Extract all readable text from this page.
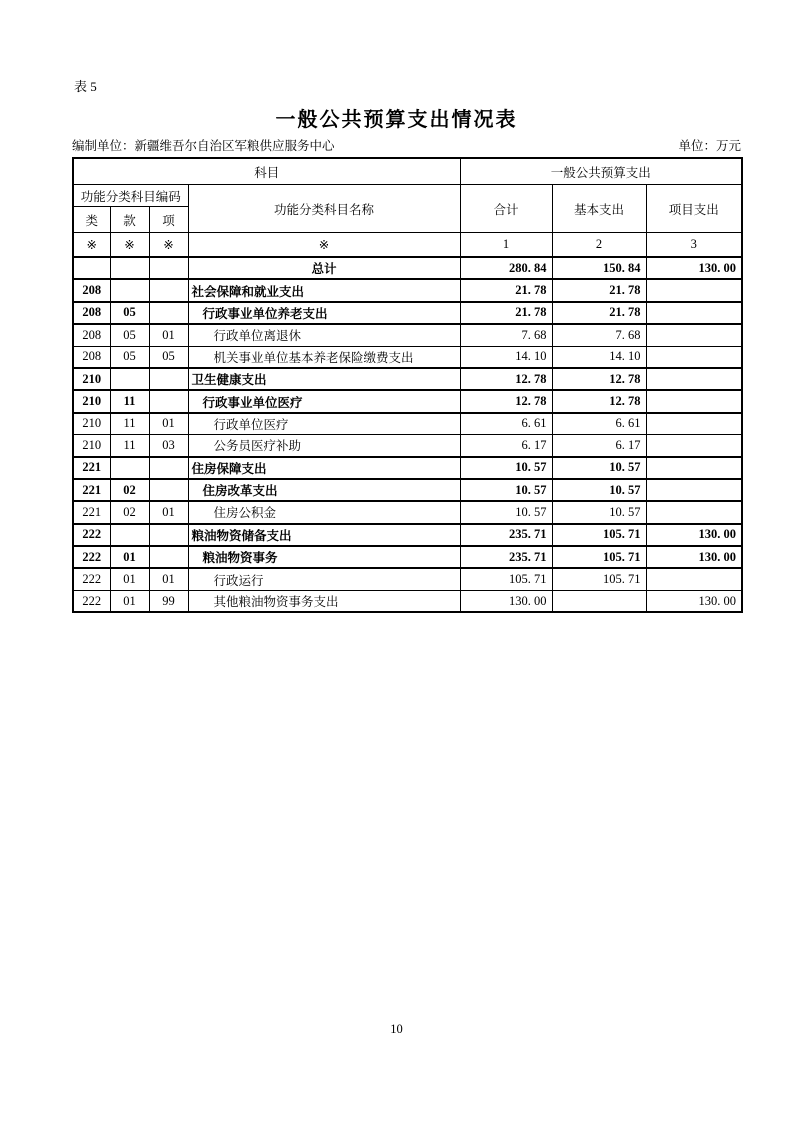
表 5
一般公共预算支出情况表
编制单位：新疆维吾尔自治区军粮供应服务中心	单位：万元
科目				一般公共预算支出		
功能分类科目编码			功能分类科目名称	合计	基本支出	项目支出
类	款	项				
※	※	※	※	1	2	3
			总计	280. 84	150. 84	130. 00
208			社会保障和就业支出	21. 78	21. 78	
208	05		行政事业单位养老支出	21. 78	21. 78	
208	05	01	行政单位离退休	7. 68	7. 68	
208	05	05	机关事业单位基本养老保险缴费支出	14. 10	14. 10	
210			卫生健康支出	12. 78	12. 78	
210	11		行政事业单位医疗	12. 78	12. 78	
210	11	01	行政单位医疗	6. 61	6. 61	
210	11	03	公务员医疗补助	6. 17	6. 17	
221			住房保障支出	10. 57	10. 57	
221	02		住房改革支出	10. 57	10. 57	
221	02	01	住房公积金	10. 57	10. 57	
222			粮油物资储备支出	235. 71	105. 71	130. 00
222	01		粮油物资事务	235. 71	105. 71	130. 00
222	01	01	行政运行	105. 71	105. 71	
222	01	99	其他粮油物资事务支出	130. 00		130. 00
10
